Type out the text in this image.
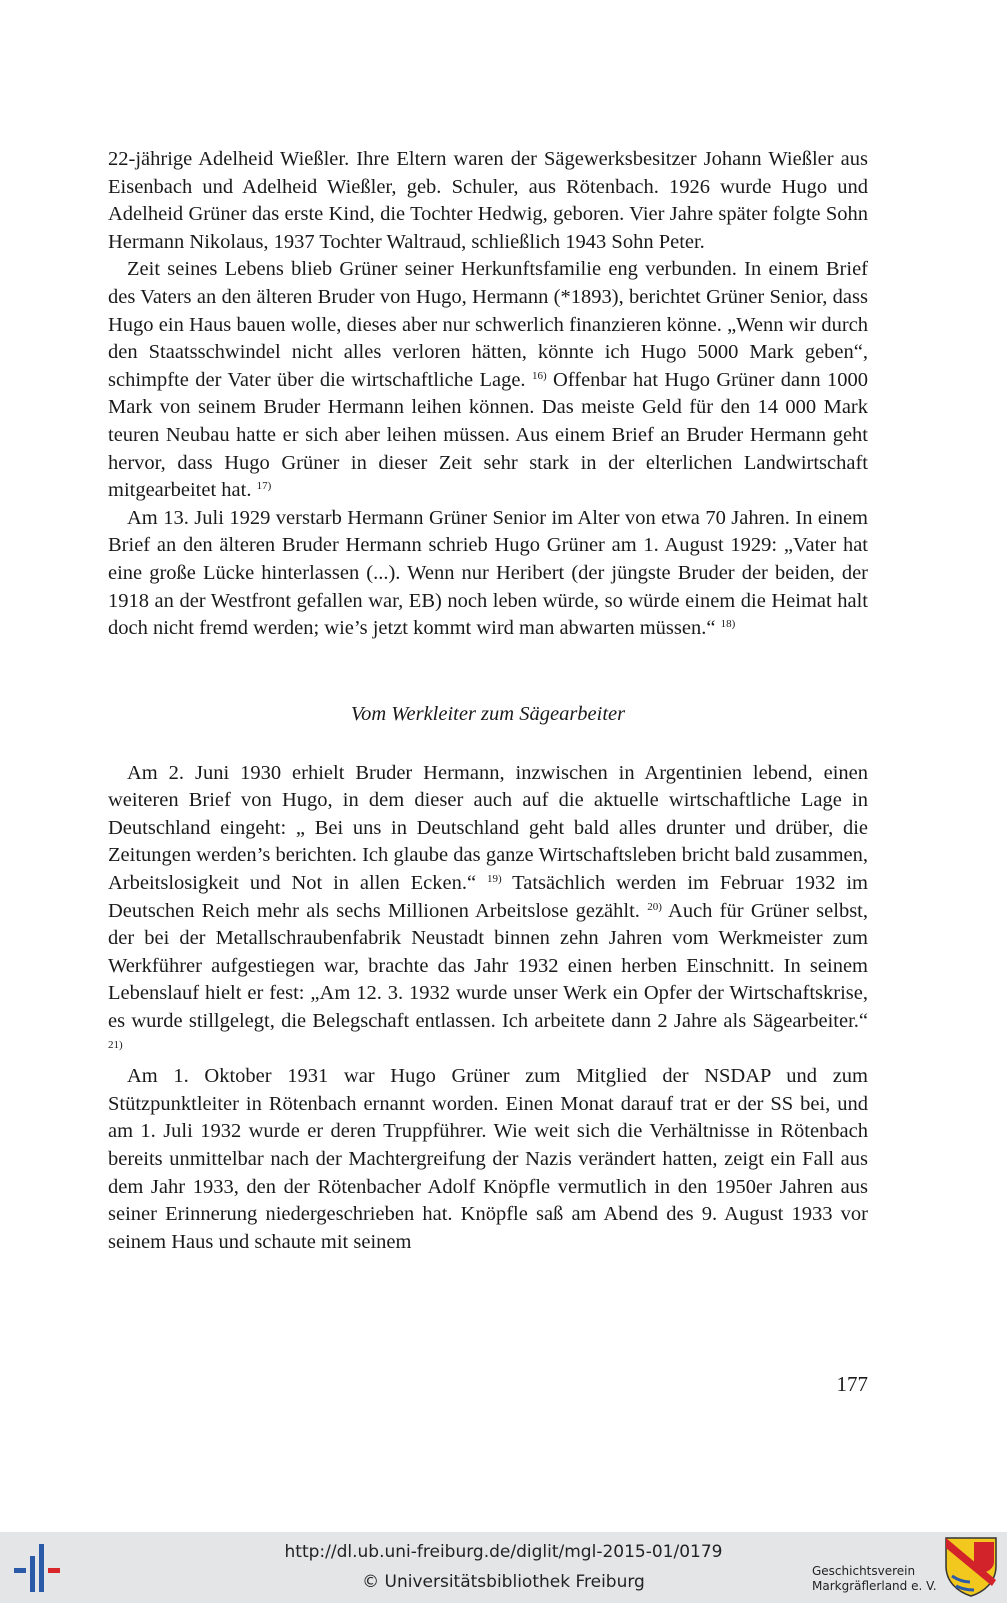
22-jährige Adelheid Wießler. Ihre Eltern waren der Sägewerksbesitzer Johann Wießler aus Eisenbach und Adelheid Wießler, geb. Schuler, aus Rötenbach. 1926 wurde Hugo und Adelheid Grüner das erste Kind, die Tochter Hedwig, geboren. Vier Jahre später folgte Sohn Hermann Nikolaus, 1937 Tochter Waltraud, schließlich 1943 Sohn Peter.

Zeit seines Lebens blieb Grüner seiner Herkunftsfamilie eng verbunden. In einem Brief des Vaters an den älteren Bruder von Hugo, Hermann (*1893), berichtet Grüner Senior, dass Hugo ein Haus bauen wolle, dieses aber nur schwerlich finanzieren könne. „Wenn wir durch den Staatsschwindel nicht alles verloren hätten, könnte ich Hugo 5000 Mark geben“, schimpfte der Vater über die wirtschaftliche Lage. $^{16)}$ Offenbar hat Hugo Grüner dann 1000 Mark von seinem Bruder Hermann leihen können. Das meiste Geld für den 14 000 Mark teuren Neubau hatte er sich aber leihen müssen. Aus einem Brief an Bruder Hermann geht hervor, dass Hugo Grüner in dieser Zeit sehr stark in der elterlichen Landwirtschaft mitgearbeitet hat. $^{17)}$

Am 13. Juli 1929 verstarb Hermann Grüner Senior im Alter von etwa 70 Jahren. In einem Brief an den älteren Bruder Hermann schrieb Hugo Grüner am 1. August 1929: „Vater hat eine große Lücke hinterlassen (...). Wenn nur Heribert (der jüngste Bruder der beiden, der 1918 an der Westfront gefallen war, EB) noch leben würde, so würde einem die Heimat halt doch nicht fremd werden; wie’s jetzt kommt wird man abwarten müssen.“ $^{18)}$

Vom Werkleiter zum Sägearbeiter

Am 2. Juni 1930 erhielt Bruder Hermann, inzwischen in Argentinien lebend, einen weiteren Brief von Hugo, in dem dieser auch auf die aktuelle wirtschaftliche Lage in Deutschland eingeht: „ Bei uns in Deutschland geht bald alles drunter und drüber, die Zeitungen werden’s berichten. Ich glaube das ganze Wirtschaftsleben bricht bald zusammen, Arbeitslosigkeit und Not in allen Ecken.“ $^{19)}$ Tatsächlich werden im Februar 1932 im Deutschen Reich mehr als sechs Millionen Arbeitslose gezählt. $^{20)}$ Auch für Grüner selbst, der bei der Metallschraubenfabrik Neustadt binnen zehn Jahren vom Werkmeister zum Werkführer aufgestiegen war, brachte das Jahr 1932 einen herben Einschnitt. In seinem Lebenslauf hielt er fest: „Am 12. 3. 1932 wurde unser Werk ein Opfer der Wirtschaftskrise, es wurde stillgelegt, die Belegschaft entlassen. Ich arbeitete dann 2 Jahre als Sägearbeiter.“ $^{21)}$

Am 1. Oktober 1931 war Hugo Grüner zum Mitglied der NSDAP und zum Stützpunktleiter in Rötenbach ernannt worden. Einen Monat darauf trat er der SS bei, und am 1. Juli 1932 wurde er deren Truppführer. Wie weit sich die Verhältnisse in Rötenbach bereits unmittelbar nach der Machtergreifung der Nazis verändert hatten, zeigt ein Fall aus dem Jahr 1933, den der Rötenbacher Adolf Knöpfle vermutlich in den 1950er Jahren aus seiner Erinnerung niedergeschrieben hat. Knöpfle saß am Abend des 9. August 1933 vor seinem Haus und schaute mit seinem

177
http://dl.ub.uni-freiburg.de/diglit/mgl-2015-01/0179
© Universitätsbibliothek Freiburg
Geschichtsverein
Markgräflerland e. V.
